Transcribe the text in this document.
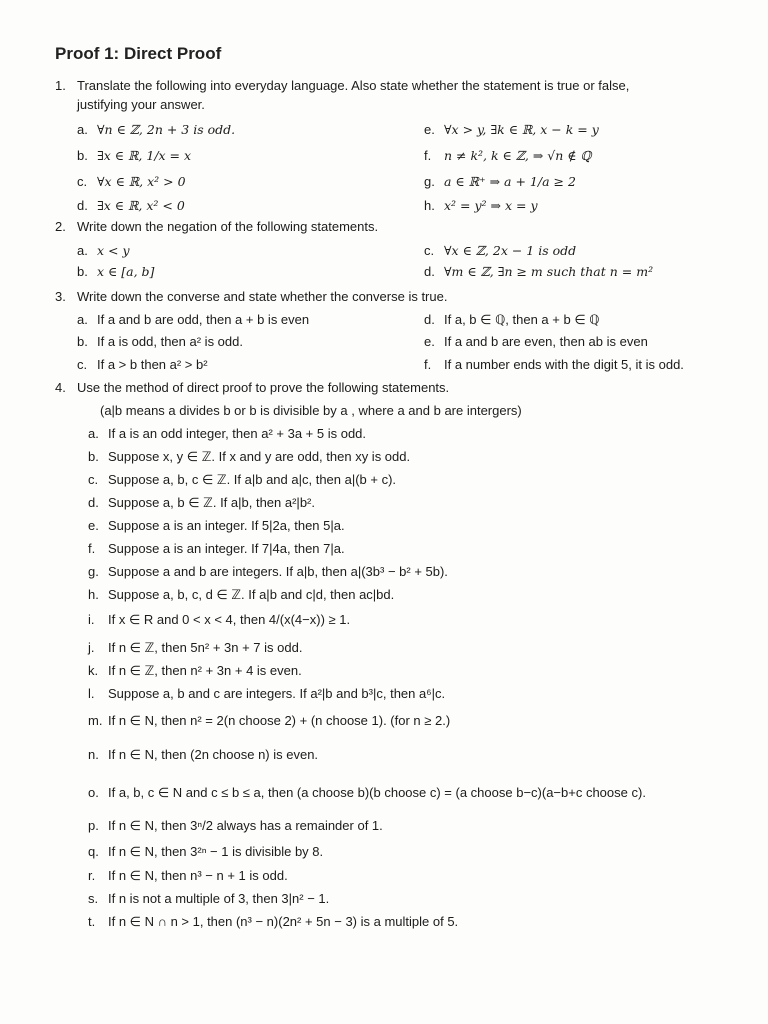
Proof 1: Direct Proof
1. Translate the following into everyday language. Also state whether the statement is true or false,
justifying your answer.
a. ∀n ∈ ℤ, 2n + 3 is odd.	e. ∀x > y, ∃k ∈ ℝ, x − k = y
b. ∃x ∈ ℝ, 1/x = x	f. n ≠ k², k ∈ ℤ, ⇒ √n ∉ ℚ
c. ∀x ∈ ℝ, x² > 0	g. a ∈ ℝ⁺ ⇒ a + 1/a ≥ 2
d. ∃x ∈ ℝ, x² < 0	h. x² = y² ⇒ x = y
2. Write down the negation of the following statements.
a. x < y	c. ∀x ∈ ℤ, 2x − 1 is odd
b. x ∈ [a, b]	d. ∀m ∈ ℤ, ∃n ≥ m such that n = m²
3. Write down the converse and state whether the converse is true.
a. If a and b are odd, then a + b is even	d. If a, b ∈ ℚ, then a + b ∈ ℚ
b. If a is odd, then a² is odd.	e. If a and b are even, then ab is even
c. If a > b then a² > b²	f. If a number ends with the digit 5, it is odd.
4. Use the method of direct proof to prove the following statements.
(a|b means a divides b or b is divisible by a , where a and b are intergers)
a. If a is an odd integer, then a² + 3a + 5 is odd.
b. Suppose x, y ∈ ℤ. If x and y are odd, then xy is odd.
c. Suppose a, b, c ∈ ℤ. If a|b and a|c, then a|(b + c).
d. Suppose a, b ∈ ℤ. If a|b, then a²|b².
e. Suppose a is an integer. If 5|2a, then 5|a.
f. Suppose a is an integer. If 7|4a, then 7|a.
g. Suppose a and b are integers. If a|b, then a|(3b³ − b² + 5b).
h. Suppose a, b, c, d ∈ ℤ. If a|b and c|d, then ac|bd.
i. If x ∈ R and 0 < x < 4, then 4/(x(4−x)) ≥ 1.
j. If n ∈ ℤ, then 5n² + 3n + 7 is odd.
k. If n ∈ ℤ, then n² + 3n + 4 is even.
l. Suppose a, b and c are integers. If a²|b and b³|c, then a⁶|c.
m. If n ∈ N, then n² = 2(n choose 2) + (n choose 1). (for n ≥ 2.)
n. If n ∈ N, then (2n choose n) is even.
o. If a, b, c ∈ N and c ≤ b ≤ a, then (a choose b)(b choose c) = (a choose b−c)(a−b+c choose c).
p. If n ∈ N, then 3ⁿ/2 always has a remainder of 1.
q. If n ∈ N, then 3²ⁿ − 1 is divisible by 8.
r. If n ∈ N, then n³ − n + 1 is odd.
s. If n is not a multiple of 3, then 3|n² − 1.
t. If n ∈ N ∩ n > 1, then (n³ − n)(2n² + 5n − 3) is a multiple of 5.
